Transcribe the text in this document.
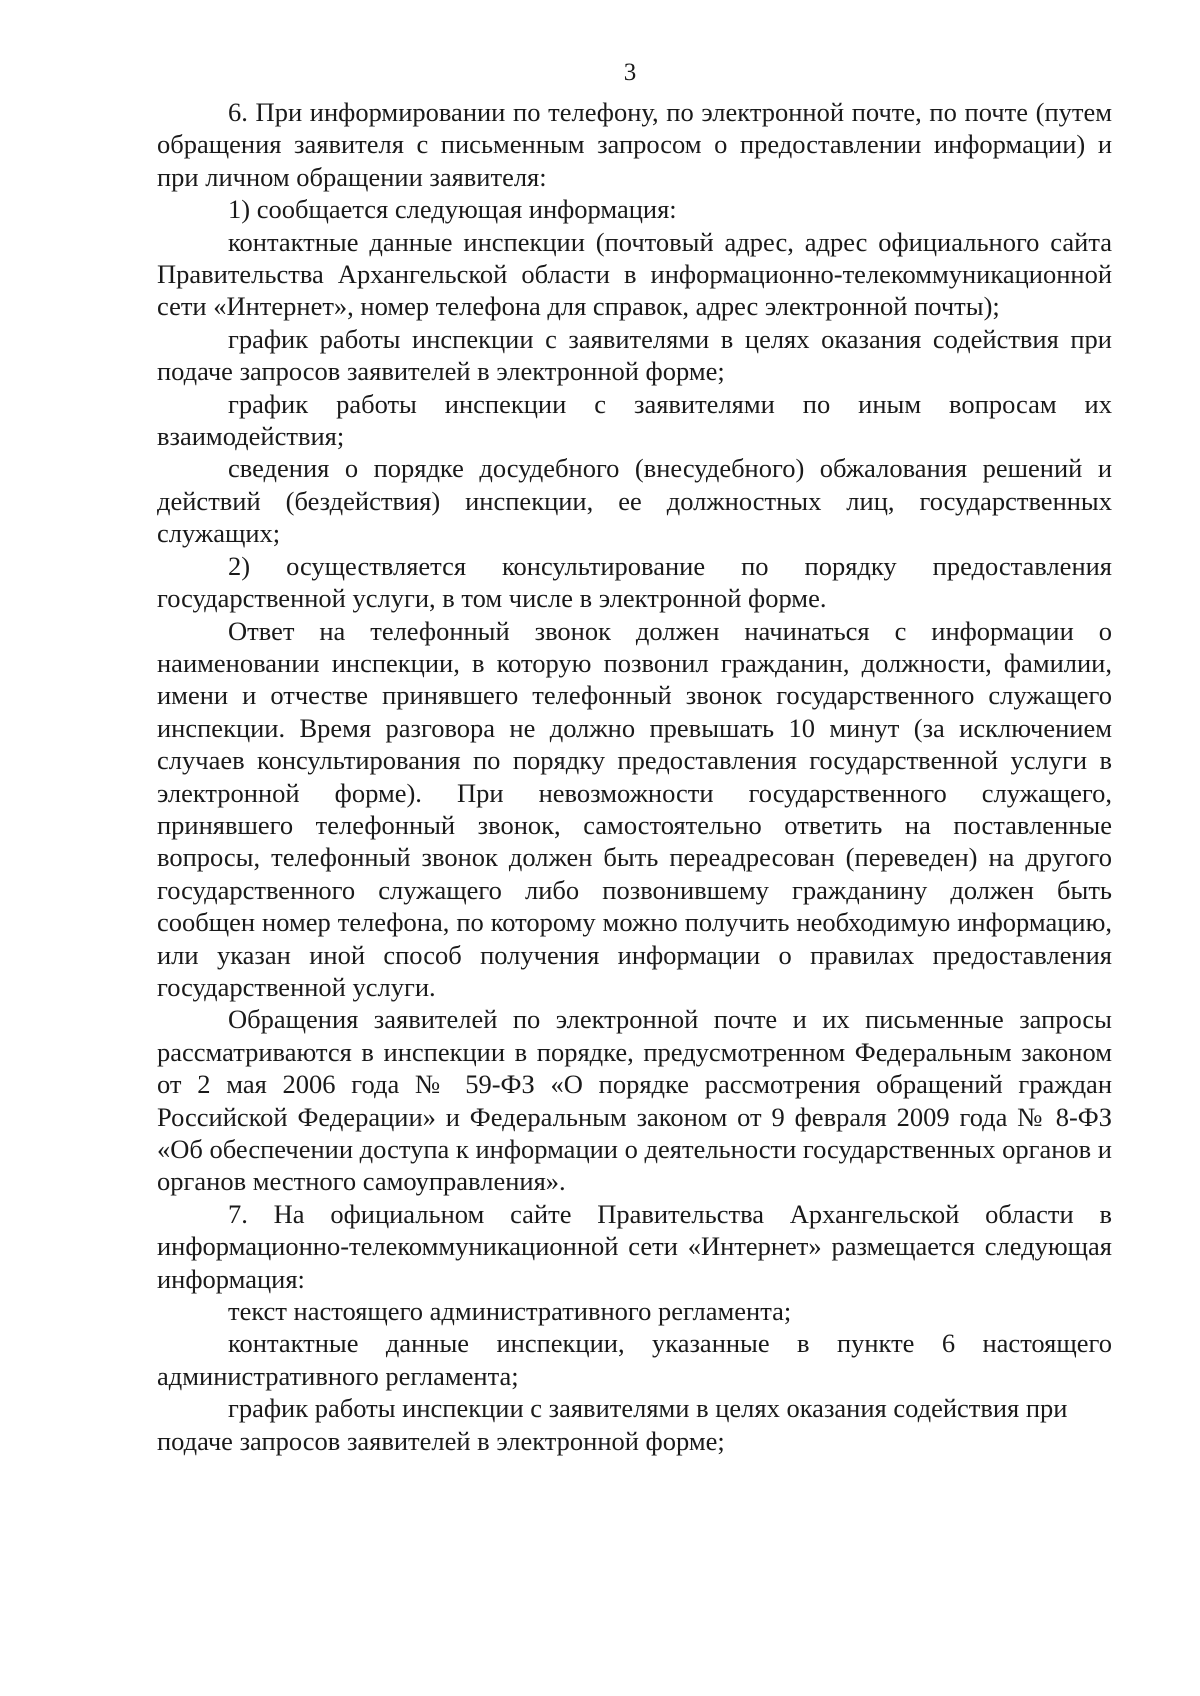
3

6. При информировании по телефону, по электронной почте, по почте (путем обращения заявителя с письменным запросом о предоставлении информации) и при личном обращении заявителя:

1) сообщается следующая информация:

контактные данные инспекции (почтовый адрес, адрес официального сайта Правительства Архангельской области в информационно-телекоммуникационной сети «Интернет», номер телефона для справок, адрес электронной почты);

график работы инспекции с заявителями в целях оказания содействия при подаче запросов заявителей в электронной форме;

график работы инспекции с заявителями по иным вопросам их взаимодействия;

сведения о порядке досудебного (внесудебного) обжалования решений и действий (бездействия) инспекции, ее должностных лиц, государственных служащих;

2) осуществляется консультирование по порядку предоставления государственной услуги, в том числе в электронной форме.

Ответ на телефонный звонок должен начинаться с информации о наименовании инспекции, в которую позвонил гражданин, должности, фамилии, имени и отчестве принявшего телефонный звонок государственного служащего инспекции. Время разговора не должно превышать 10 минут (за исключением случаев консультирования по порядку предоставления государственной услуги в электронной форме). При невозможности государственного служащего, принявшего телефонный звонок, самостоятельно ответить на поставленные вопросы, телефонный звонок должен быть переадресован (переведен) на другого государственного служащего либо позвонившему гражданину должен быть сообщен номер телефона, по которому можно получить необходимую информацию, или указан иной способ получения информации о правилах предоставления государственной услуги.

Обращения заявителей по электронной почте и их письменные запросы рассматриваются в инспекции в порядке, предусмотренном Федеральным законом от 2 мая 2006 года № 59-ФЗ «О порядке рассмотрения обращений граждан Российской Федерации» и Федеральным законом от 9 февраля 2009 года № 8-ФЗ «Об обеспечении доступа к информации о деятельности государственных органов и органов местного самоуправления».

7. На официальном сайте Правительства Архангельской области в информационно-телекоммуникационной сети «Интернет» размещается следующая информация:

текст настоящего административного регламента;

контактные данные инспекции, указанные в пункте 6 настоящего административного регламента;

график работы инспекции с заявителями в целях оказания содействия при подаче запросов заявителей в электронной форме;
